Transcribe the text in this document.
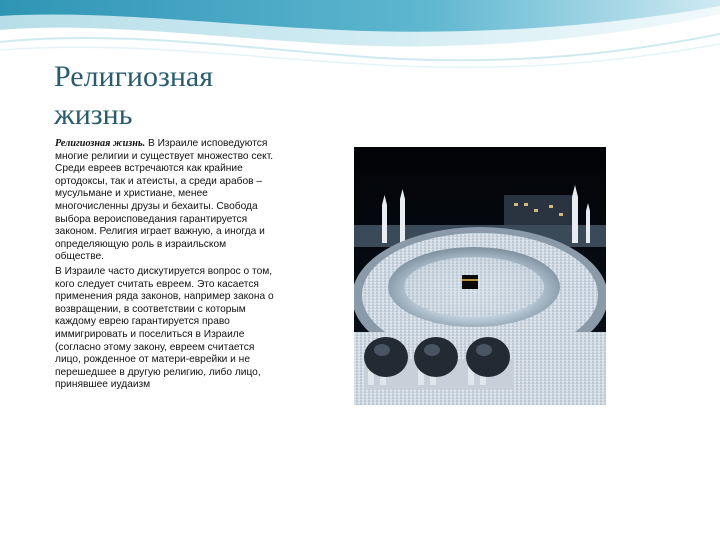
Религиозная
жизнь

Религиозная жизнь. В Израиле исповедуются многие религии и существует множество сект. Среди евреев встречаются как крайние ортодоксы, так и атеисты, а среди арабов – мусульмане и христиане, менее многочисленны друзы и бехаиты. Свобода выбора вероисповедания гарантируется законом. Религия играет важную, а иногда и определяющую роль в израильском обществе.

В Израиле часто дискутируется вопрос о том, кого следует считать евреем. Это касается применения ряда законов, например закона о возвращении, в соответствии с которым каждому еврею гарантируется право иммигрировать и поселиться в Израиле (согласно этому закону, евреем считается лицо, рожденное от матери-еврейки и не перешедшее в другую религию, либо лицо, принявшее иудаизм
